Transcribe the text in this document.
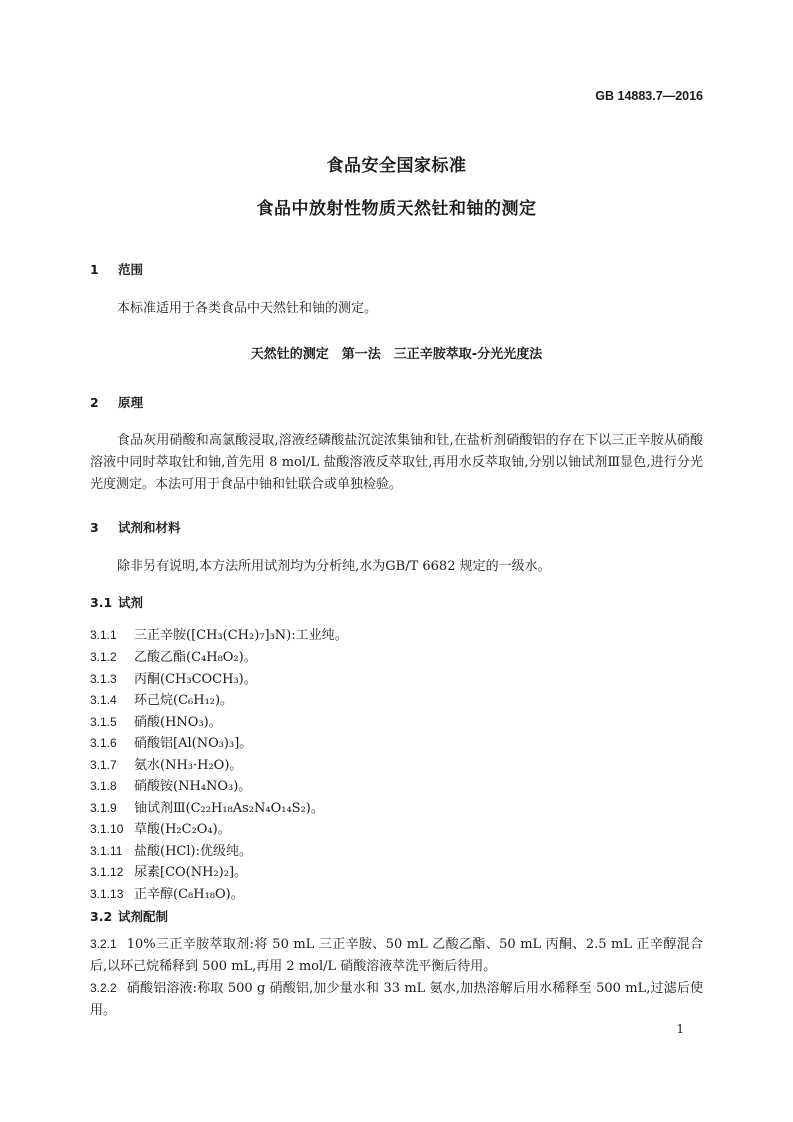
GB 14883.7—2016
食品安全国家标准
食品中放射性物质天然钍和铀的测定
1 范围
本标准适用于各类食品中天然钍和铀的测定。
天然钍的测定　第一法　三正辛胺萃取-分光光度法
2 原理
食品灰用硝酸和高氯酸浸取,溶液经磷酸盐沉淀浓集铀和钍,在盐析剂硝酸铝的存在下以三正辛胺从硝酸溶液中同时萃取钍和铀,首先用 8 mol/L 盐酸溶液反萃取钍,再用水反萃取铀,分别以铀试剂Ⅲ显色,进行分光光度测定。本法可用于食品中铀和钍联合或单独检验。
3 试剂和材料
除非另有说明,本方法所用试剂均为分析纯,水为GB/T 6682 规定的一级水。
3.1 试剂
3.1.1 三正辛胺([CH₃(CH₂)₇]₃N):工业纯。
3.1.2 乙酸乙酯(C₄H₈O₂)。
3.1.3 丙酮(CH₃COCH₃)。
3.1.4 环己烷(C₆H₁₂)。
3.1.5 硝酸(HNO₃)。
3.1.6 硝酸铝[Al(NO₃)₃]。
3.1.7 氨水(NH₃·H₂O)。
3.1.8 硝酸铵(NH₄NO₃)。
3.1.9 铀试剂Ⅲ(C₂₂H₁₈As₂N₄O₁₄S₂)。
3.1.10 草酸(H₂C₂O₄)。
3.1.11 盐酸(HCl):优级纯。
3.1.12 尿素[CO(NH₂)₂]。
3.1.13 正辛醇(C₈H₁₈O)。
3.2 试剂配制
3.2.1 10%三正辛胺萃取剂:将 50 mL 三正辛胺、50 mL 乙酸乙酯、50 mL 丙酮、2.5 mL 正辛醇混合后,以环己烷稀释到 500 mL,再用 2 mol/L 硝酸溶液萃洗平衡后待用。
3.2.2 硝酸铝溶液:称取 500 g 硝酸铝,加少量水和 33 mL 氨水,加热溶解后用水稀释至 500 mL,过滤后使用。
1
